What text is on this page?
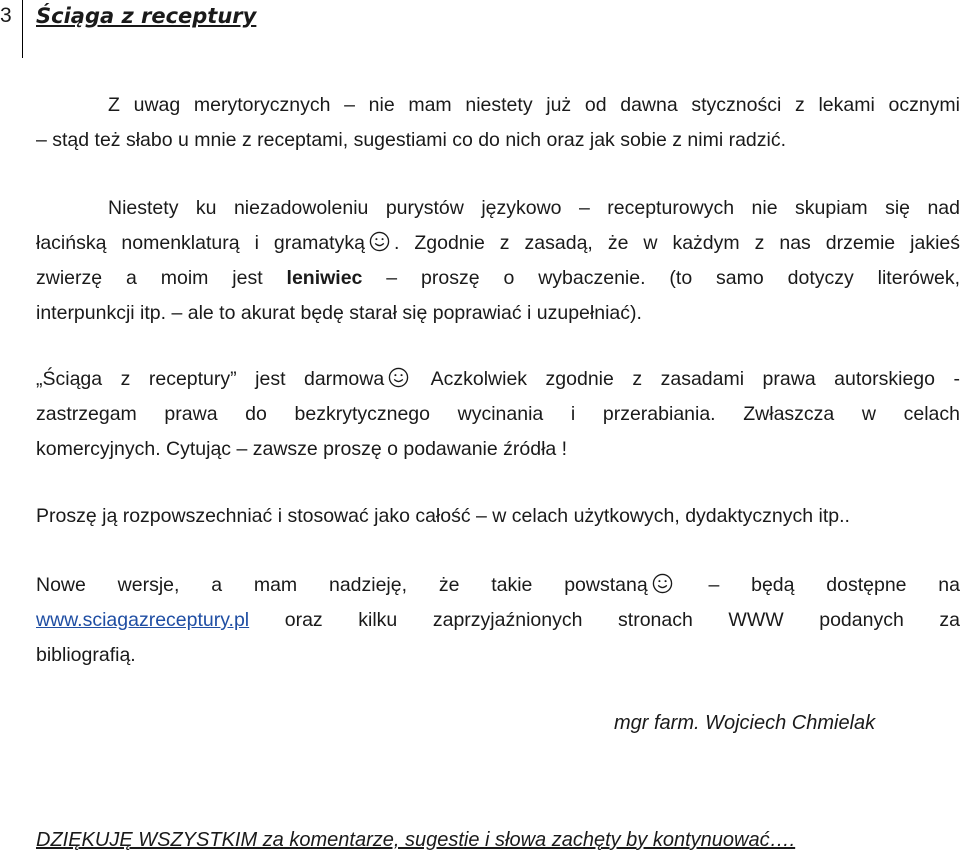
3 Ściąga z receptury
Z uwag merytorycznych – nie mam niestety już od dawna styczności z lekami ocznymi
– stąd też słabo u mnie z receptami, sugestiami co do nich oraz jak sobie z nimi radzić.
Niestety ku niezadowoleniu purystów językowo – recepturowych nie skupiam się nad
łacińską nomenklaturą i gramatyką . Zgodnie z zasadą, że w każdym z nas drzemie jakieś
zwierzę a moim jest leniwiec – proszę o wybaczenie. (to samo dotyczy literówek,
interpunkcji itp. – ale to akurat będę starał się poprawiać i uzupełniać).
„Ściąga z receptury” jest darmowa Aczkolwiek zgodnie z zasadami prawa autorskiego -
zastrzegam prawa do bezkrytycznego wycinania i przerabiania. Zwłaszcza w celach
komercyjnych. Cytując – zawsze proszę o podawanie źródła !
Proszę ją rozpowszechniać i stosować jako całość – w celach użytkowych, dydaktycznych itp..
Nowe wersje, a mam nadzieję, że takie powstaną – będą dostępne na
www.sciagazreceptury.pl oraz kilku zaprzyjaźnionych stronach WWW podanych za
bibliografią.
mgr farm. Wojciech Chmielak
DZIĘKUJĘ WSZYSTKIM za komentarze, sugestie i słowa zachęty by kontynuować….
